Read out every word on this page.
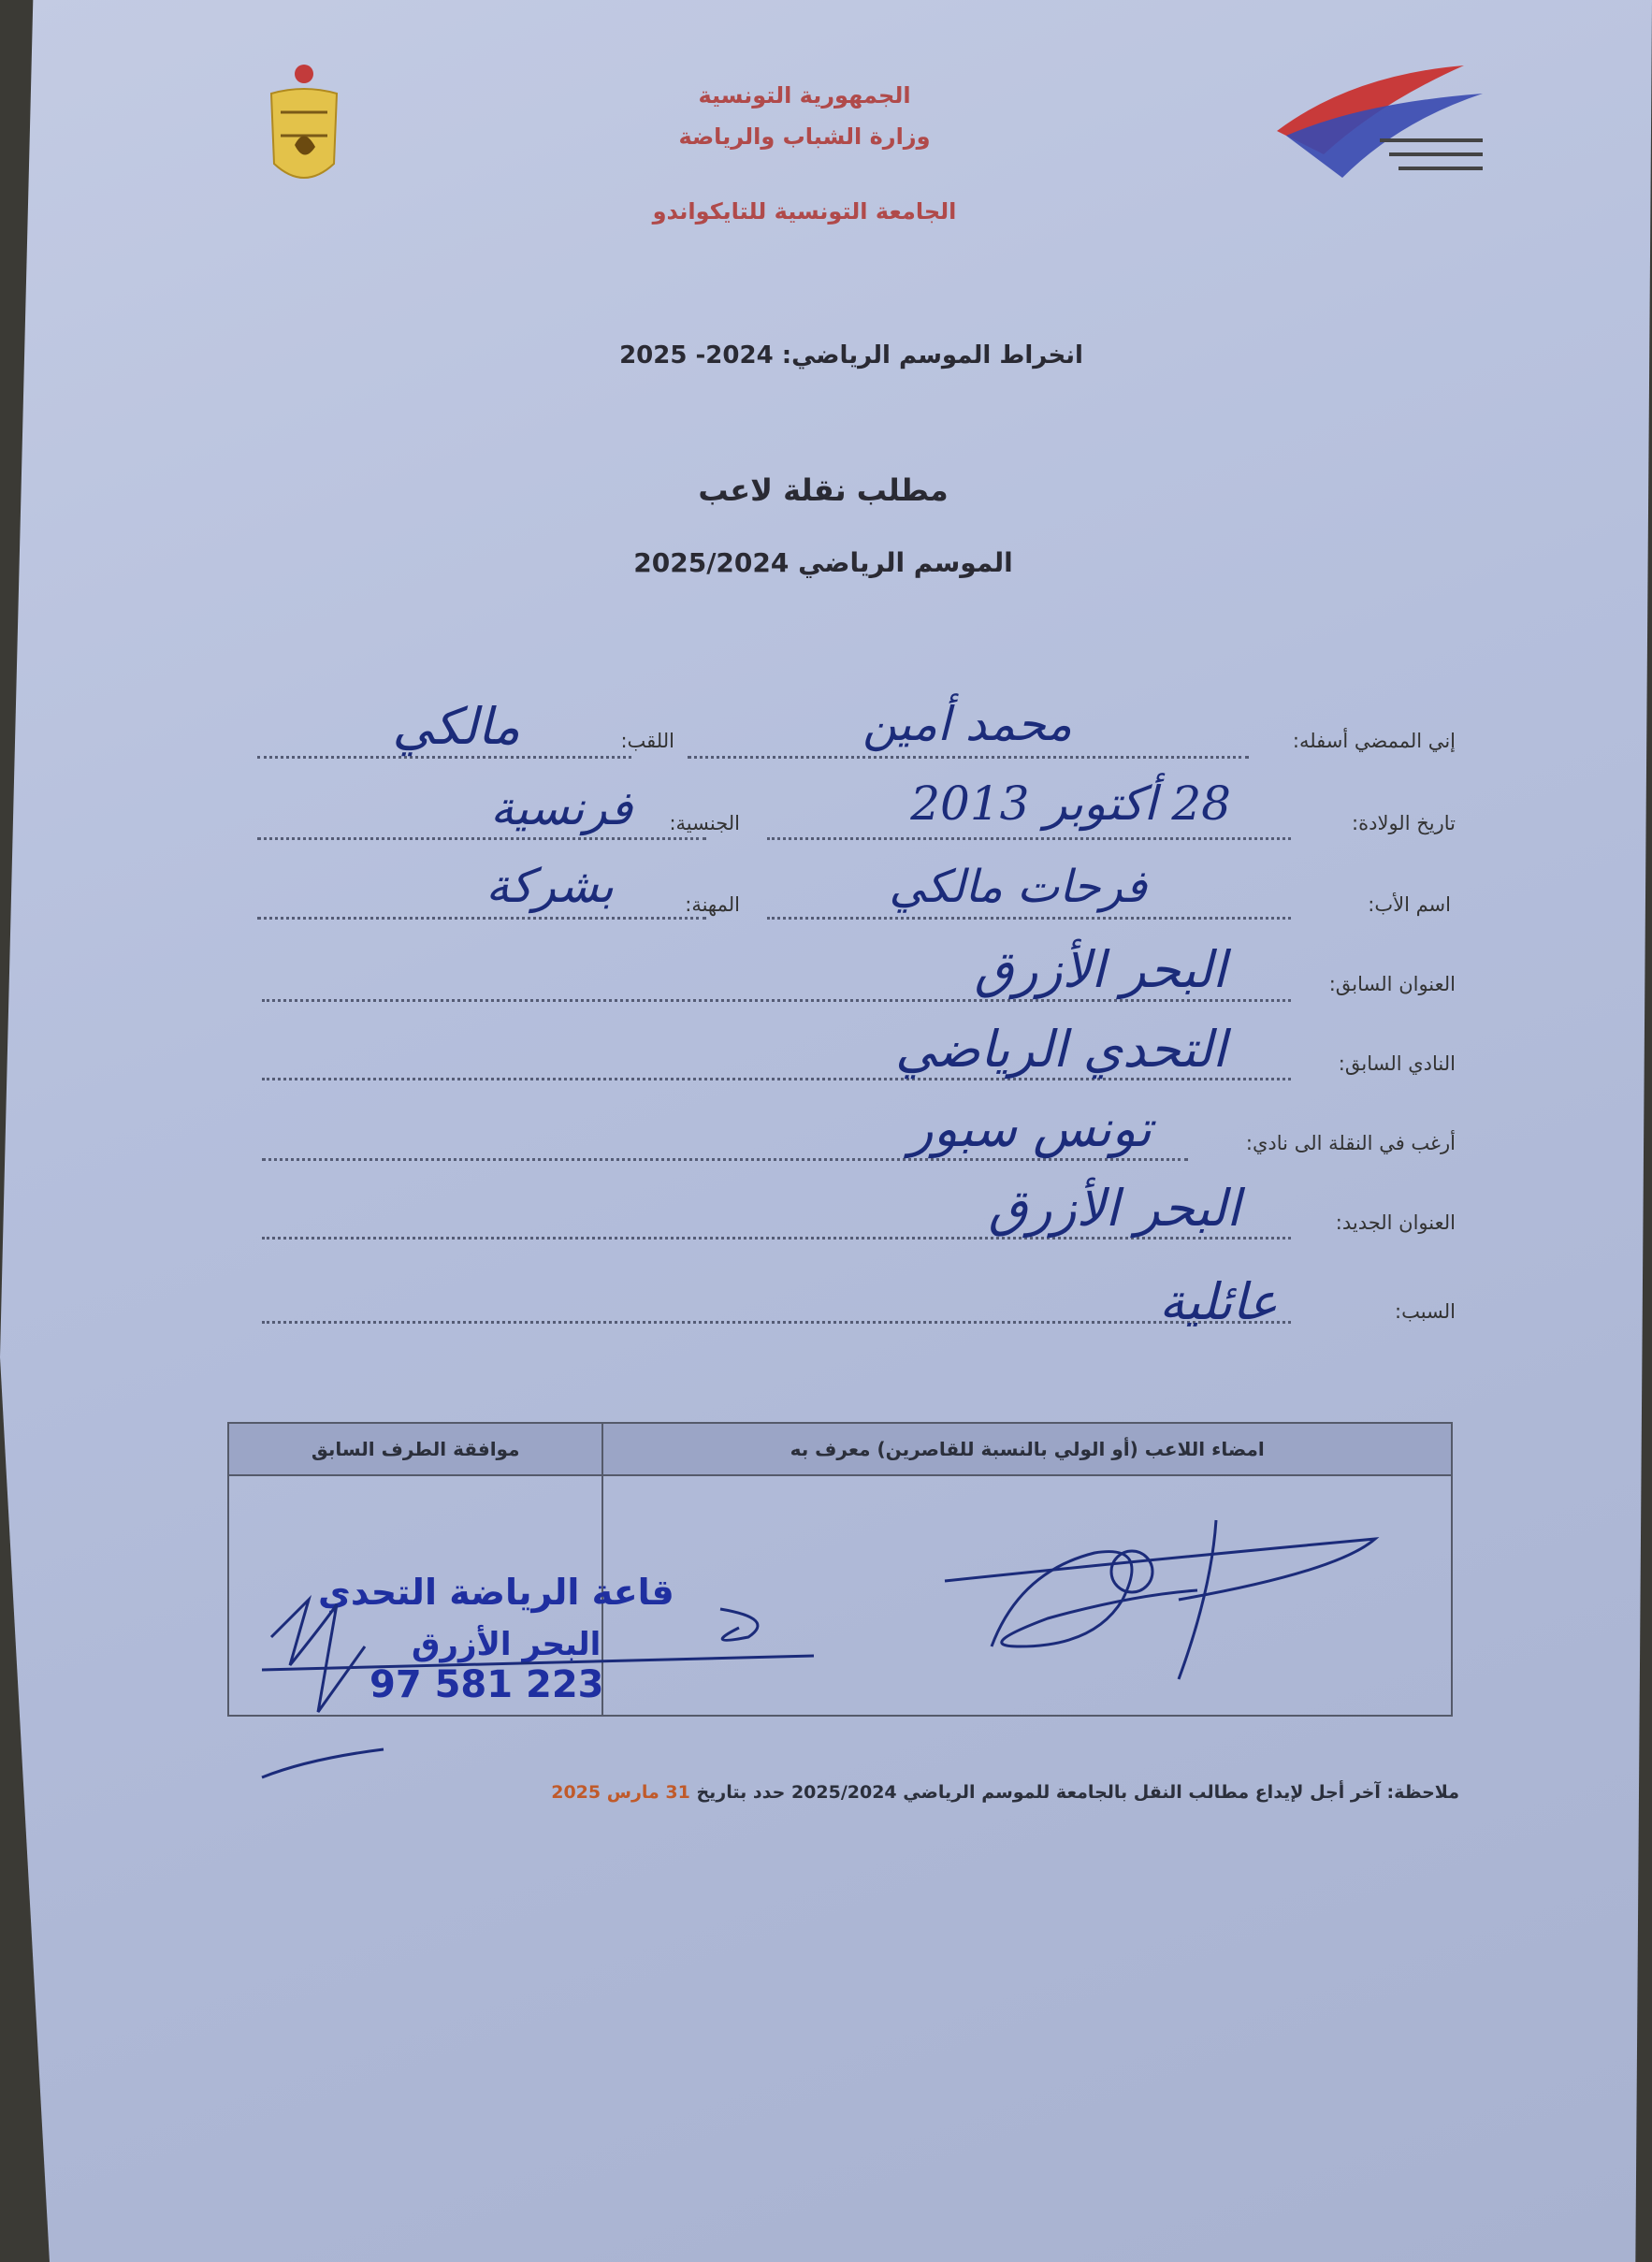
الجمهورية التونسية
وزارة الشباب والرياضة
الجامعة التونسية للتايكواندو
انخراط الموسم الرياضي: 2024- 2025
مطلب نقلة لاعب
الموسم الرياضي 2025/2024
إني الممضي أسفله:
محمد أمين
اللقب:
مالكي
تاريخ الولادة:
28 أكتوبر 2013
الجنسية:
فرنسية
اسم الأب:
فرحات مالكي
المهنة:
بشركة
العنوان السابق:
البحر الأزرق
النادي السابق:
التحدي الرياضي
أرغب في النقلة الى نادي:
تونس سبور
العنوان الجديد:
البحر الأزرق
السبب:
عائلية
امضاء اللاعب (أو الولي بالنسبة للقاصرين) معرف به	موافقة الطرف السابق

قاعة الرياضة التحدي
البحر الأزرق
97 581 223
ملاحظة: آخر أجل لإيداع مطالب النقل بالجامعة للموسم الرياضي 2025/2024 حدد بتاريخ 31 مارس 2025
